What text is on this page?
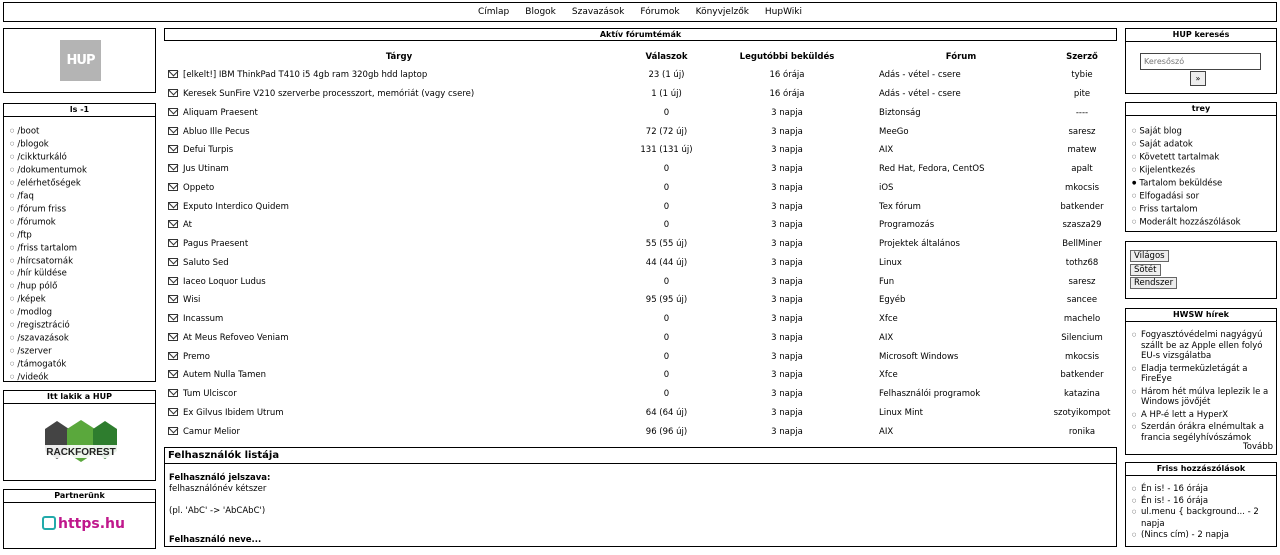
Címlap Blogok Szavazások Fórumok Könyvjelzők HupWiki
HUP
ls -1
○ /boot
○ /blogok
○ /cikkturkáló
○ /dokumentumok
○ /elérhetőségek
○ /faq
○ /fórum friss
○ /fórumok
○ /ftp
○ /friss tartalom
○ /hírcsatornák
○ /hír küldése
○ /hup pólő
○ /képek
○ /modlog
○ /regisztráció
○ /szavazások
○ /szerver
○ /támogatók
○ /videók
Itt lakik a HUP
RACKFOREST
Partnerünk
https.hu
Aktív fórumtémák
Tárgy	Válaszok	Legutóbbi beküldés	Fórum	Szerző
[elkelt!] IBM ThinkPad T410 i5 4gb ram 320gb hdd laptop	23 (1 új)	16 órája	Adás - vétel - csere	tybie
Keresek SunFire V210 szerverbe processzort, memóriát (vagy csere)	1 (1 új)	16 órája	Adás - vétel - csere	pite
Aliquam Praesent	0	3 napja	Biztonság	----
Abluo Ille Pecus	72 (72 új)	3 napja	MeeGo	saresz
Defui Turpis	131 (131 új)	3 napja	AIX	matew
Jus Utinam	0	3 napja	Red Hat, Fedora, CentOS	apalt
Oppeto	0	3 napja	iOS	mkocsis
Exputo Interdico Quidem	0	3 napja	Tex fórum	batkender
At	0	3 napja	Programozás	szasza29
Pagus Praesent	55 (55 új)	3 napja	Projektek általános	BellMiner
Saluto Sed	44 (44 új)	3 napja	Linux	tothz68
Iaceo Loquor Ludus	0	3 napja	Fun	saresz
Wisi	95 (95 új)	3 napja	Egyéb	sancee
Incassum	0	3 napja	Xfce	machelo
At Meus Refoveo Veniam	0	3 napja	AIX	Silencium
Premo	0	3 napja	Microsoft Windows	mkocsis
Autem Nulla Tamen	0	3 napja	Xfce	batkender
Tum Ulciscor	0	3 napja	Felhasználói programok	katazina
Ex Gilvus Ibidem Utrum	64 (64 új)	3 napja	Linux Mint	szotyikompot
Camur Melior	96 (96 új)	3 napja	AIX	ronika
Felhasználók listája
Felhasználó jelszava:
felhasználónév kétszer
(pl. 'AbC' -> 'AbCAbC')
Felhasználó neve...
HUP keresés
Keresőszó
»
trey
○ Saját blog
○ Saját adatok
○ Követett tartalmak
○ Kijelentkezés
● Tartalom beküldése
○ Elfogadási sor
○ Friss tartalom
○ Moderált hozzászólások
Világos
Sötét
Rendszer
HWSW hírek
○ Fogyasztóvédelmi nagyágyú szállt be az Apple ellen folyó EU-s vizsgálatba
○ Eladja termeküzletágát a FireEye
○ Három hét múlva leplezik le a Windows jövőjét
○ A HP-é lett a HyperX
○ Szerdán órákra elnémultak a francia segélyhívószámok
Tovább
Friss hozzászólások
○ Én is! - 16 órája
○ Én is! - 16 órája
○ ul.menu { background... - 2 napja
○ (Nincs cím) - 2 napja
